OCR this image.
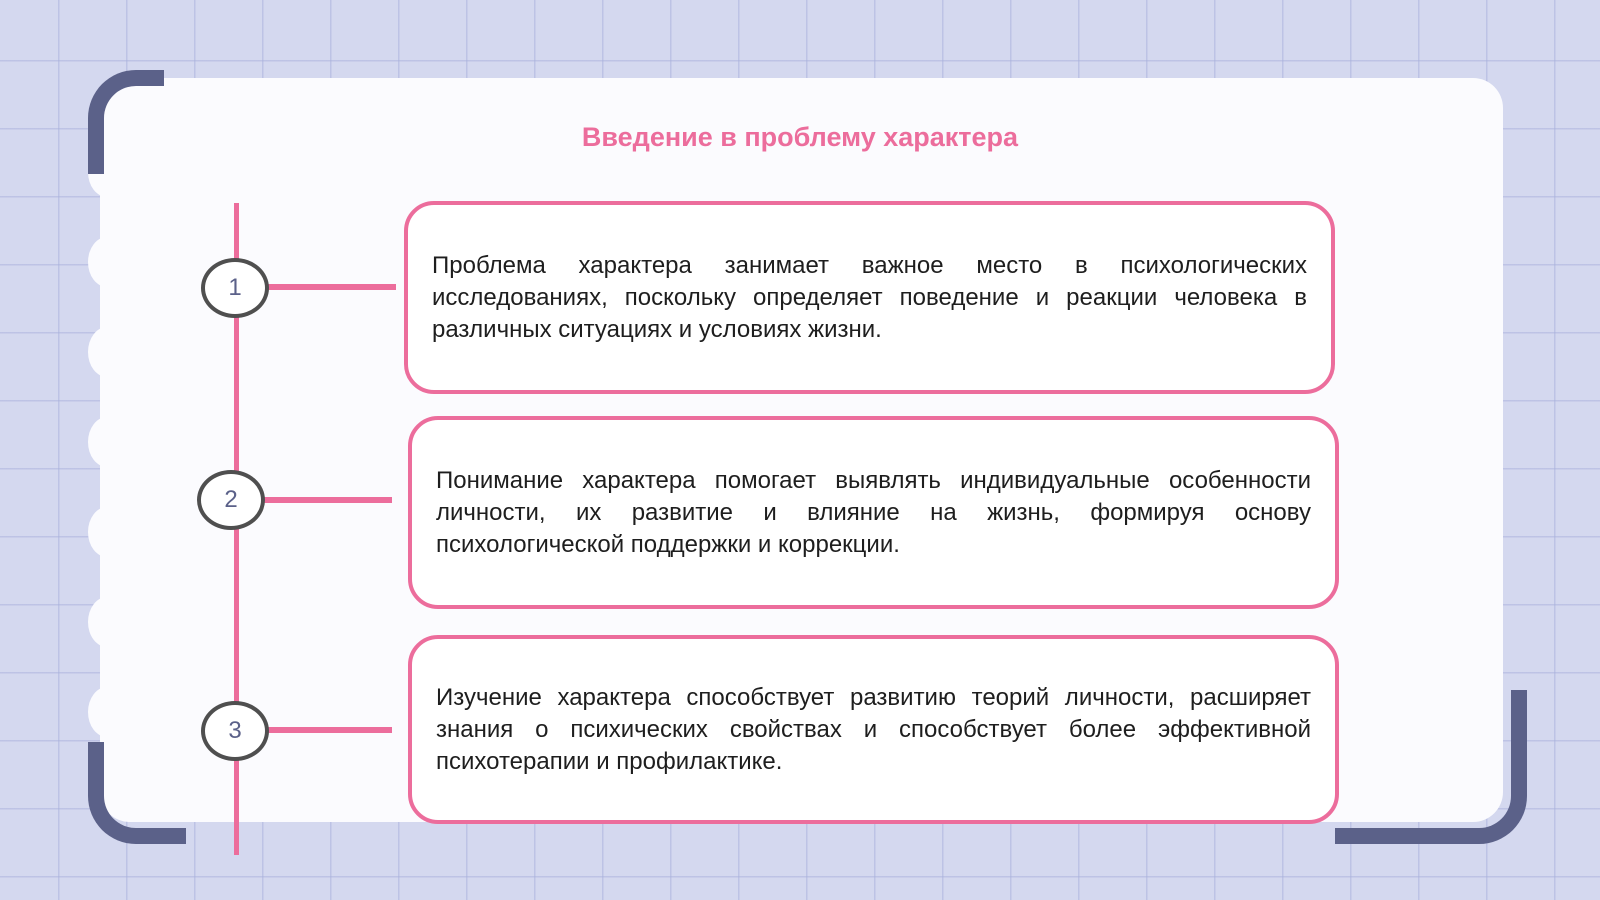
Введение в проблему характера
1
2
3
Проблема характера занимает важное место в психологических исследованиях, поскольку определяет поведение и реакции человека в различных ситуациях и условиях жизни.
Понимание характера помогает выявлять индивидуальные особенности личности, их развитие и влияние на жизнь, формируя основу психологической поддержки и коррекции.
Изучение характера способствует развитию теорий личности, расширяет знания о психических свойствах и способствует более эффективной психотерапии и профилактике.
